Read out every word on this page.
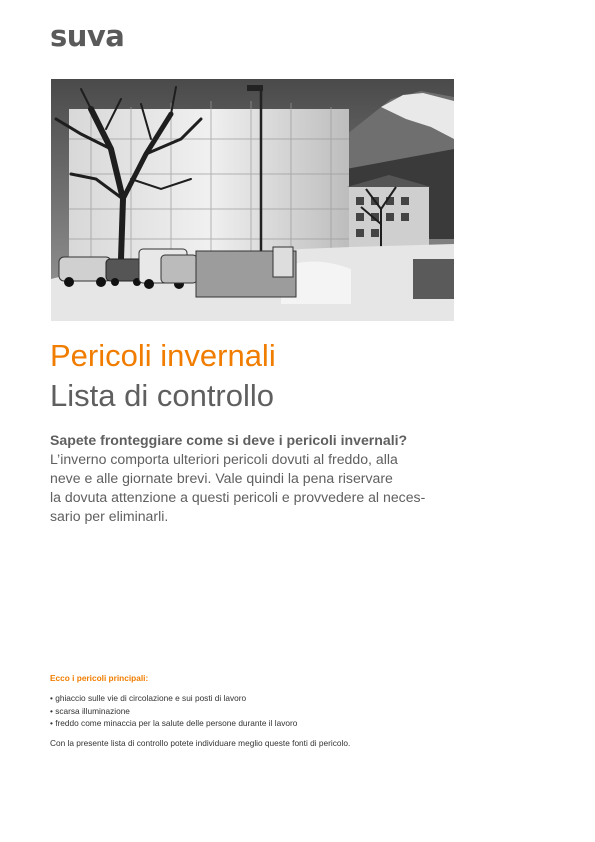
suva
Pericoli invernali
Lista di controllo
Sapete fronteggiare come si deve i pericoli invernali?
L’inverno comporta ulteriori pericoli dovuti al freddo, alla
neve e alle giornate brevi. Vale quindi la pena riservare
la dovuta attenzione a questi pericoli e provvedere al neces-
sario per eliminarli.
Ecco i pericoli principali:
• ghiaccio sulle vie di circolazione e sui posti di lavoro
• scarsa illuminazione
• freddo come minaccia per la salute delle persone durante il lavoro
Con la presente lista di controllo potete individuare meglio queste fonti di pericolo.
